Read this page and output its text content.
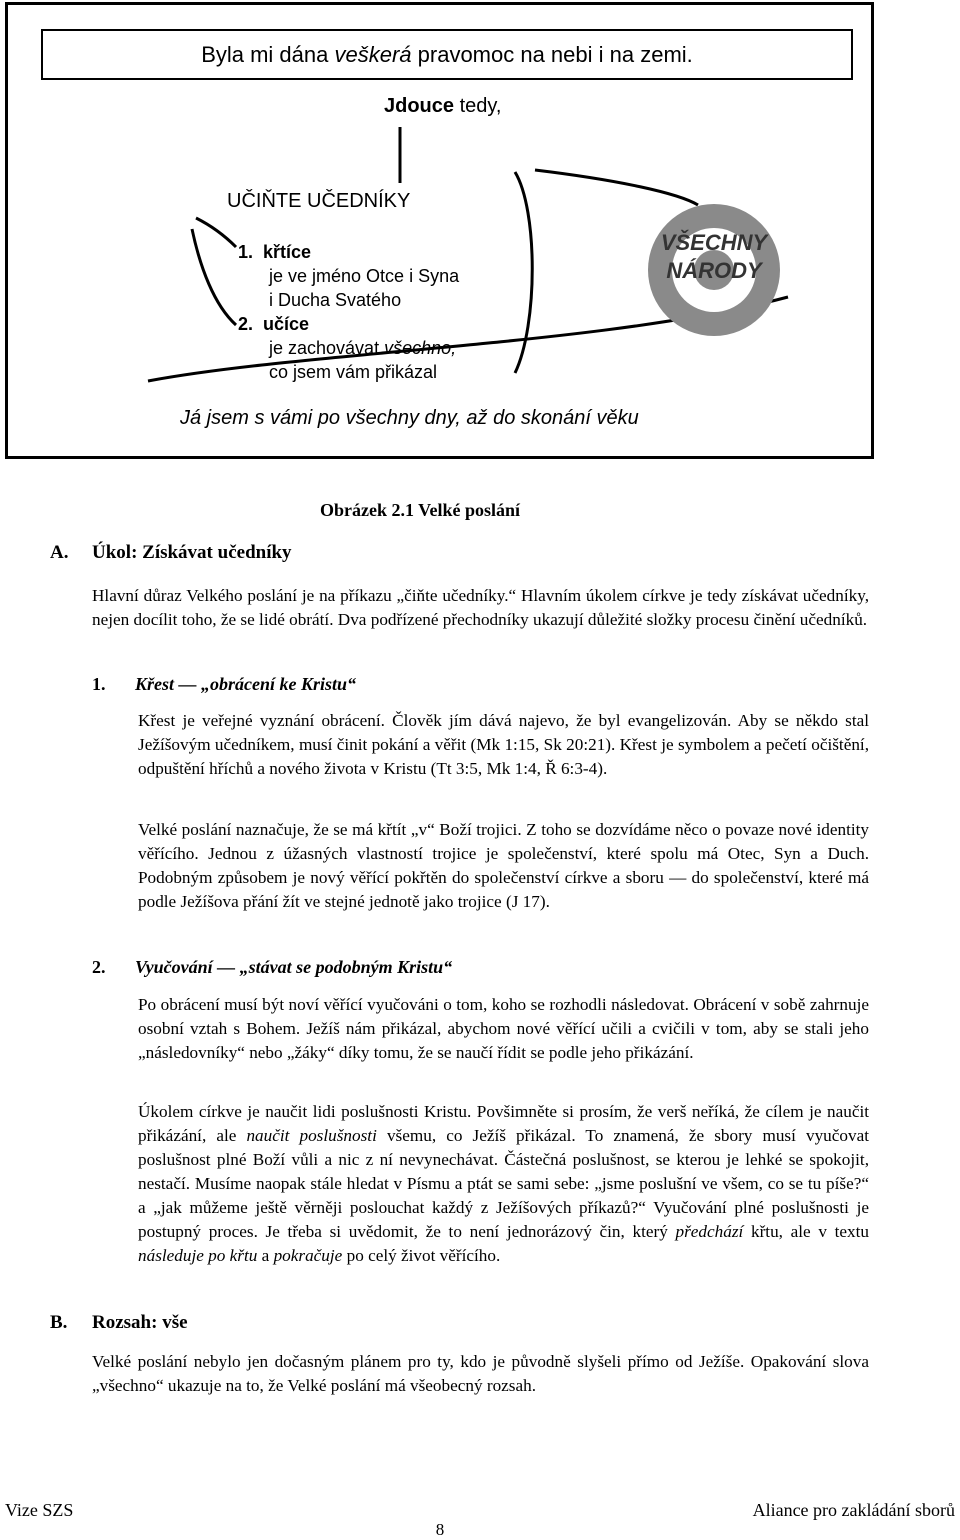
Byla mi dána veškerá pravomoc na nebi i na zemi.
Jdouce tedy,
UČIŇTE UČEDNÍKY
1. křtíce
je ve jméno Otce i Syna
i Ducha Svatého
2. učíce
je zachovávat všechno,
co jsem vám přikázal
VŠECHNY
NÁRODY
Já jsem s vámi po všechny dny, až do skonání věku
Obrázek 2.1 Velké poslání
A. Úkol: Získávat učedníky
Hlavní důraz Velkého poslání je na příkazu „čiňte učedníky.“ Hlavním úkolem církve je tedy získávat učedníky, nejen docílit toho, že se lidé obrátí. Dva podřízené přechodníky ukazují důležité složky procesu činění učedníků.
1. Křest — „obrácení ke Kristu“
Křest je veřejné vyznání obrácení. Člověk jím dává najevo, že byl evangelizován. Aby se někdo stal Ježíšovým učedníkem, musí činit pokání a věřit (Mk 1:15, Sk 20:21). Křest je symbolem a pečetí očištění, odpuštění hříchů a nového života v Kristu (Tt 3:5, Mk 1:4, Ř 6:3-4).
Velké poslání naznačuje, že se má křtít „v“ Boží trojici. Z toho se dozvídáme něco o povaze nové identity věřícího. Jednou z úžasných vlastností trojice je společenství, které spolu má Otec, Syn a Duch. Podobným způsobem je nový věřící pokřtěn do společenství církve a sboru — do společenství, které má podle Ježíšova přání žít ve stejné jednotě jako trojice (J 17).
2. Vyučování — „stávat se podobným Kristu“
Po obrácení musí být noví věřící vyučováni o tom, koho se rozhodli následovat. Obrácení v sobě zahrnuje osobní vztah s Bohem. Ježíš nám přikázal, abychom nové věřící učili a cvičili v tom, aby se stali jeho „následovníky“ nebo „žáky“ díky tomu, že se naučí řídit se podle jeho přikázání.
Úkolem církve je naučit lidi poslušnosti Kristu. Povšimněte si prosím, že verš neříká, že cílem je naučit přikázání, ale naučit poslušnosti všemu, co Ježíš přikázal. To znamená, že sbory musí vyučovat poslušnost plné Boží vůli a nic z ní nevynechávat. Částečná poslušnost, se kterou je lehké se spokojit, nestačí. Musíme naopak stále hledat v Písmu a ptát se sami sebe: „jsme poslušní ve všem, co se tu píše?“ a „jak můžeme ještě věrněji poslouchat každý z Ježíšových příkazů?“ Vyučování plné poslušnosti je postupný proces. Je třeba si uvědomit, že to není jednorázový čin, který předchází křtu, ale v textu následuje po křtu a pokračuje po celý život věřícího.
B. Rozsah: vše
Velké poslání nebylo jen dočasným plánem pro ty, kdo je původně slyšeli přímo od Ježíše. Opakování slova „všechno“ ukazuje na to, že Velké poslání má všeobecný rozsah.
Vize SZS	Aliance pro zakládání sborů
8
